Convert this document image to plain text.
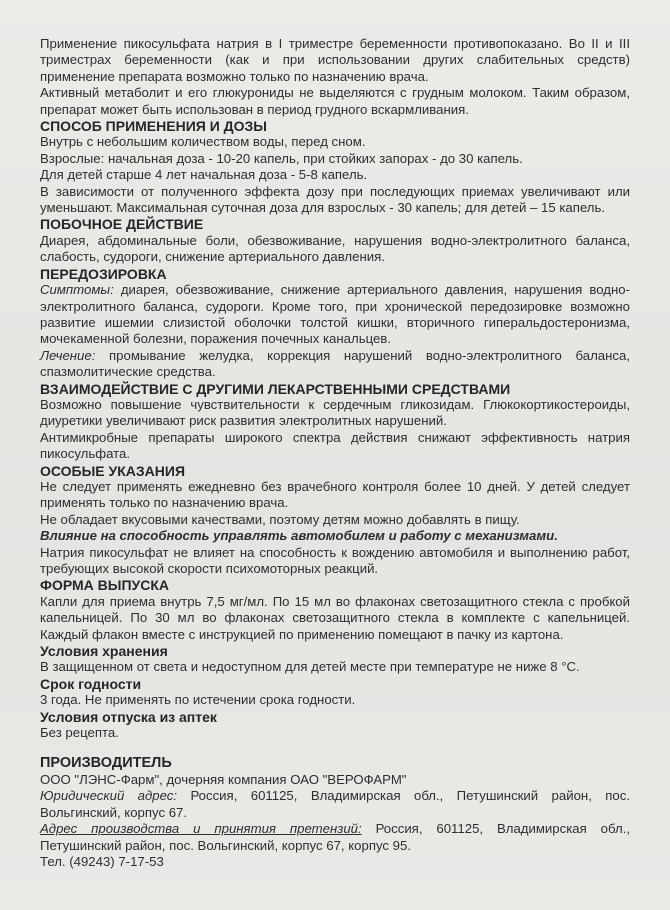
Применение пикосульфата натрия в I триместре беременности противопоказано. Во II и III триместрах беременности (как и при использовании других слабительных средств) применение препарата возможно только по назначению врача.

Активный метаболит и его глюкурониды не выделяются с грудным молоком. Таким образом, препарат может быть использован в период грудного вскармливания.

СПОСОБ ПРИМЕНЕНИЯ И ДОЗЫ

Внутрь с небольшим количеством воды, перед сном.

Взрослые: начальная доза - 10-20 капель, при стойких запорах - до 30 капель.

Для детей старше 4 лет начальная доза - 5-8 капель.

В зависимости от полученного эффекта дозу при последующих приемах увеличивают или уменьшают. Максимальная суточная доза для взрослых - 30 капель; для детей – 15 капель.

ПОБОЧНОЕ ДЕЙСТВИЕ

Диарея, абдоминальные боли, обезвоживание, нарушения водно-электролитного баланса, слабость, судороги, снижение артериального давления.

ПЕРЕДОЗИРОВКА

Симптомы: диарея, обезвоживание, снижение артериального давления, нарушения водно-электролитного баланса, судороги. Кроме того, при хронической передозировке возможно развитие ишемии слизистой оболочки толстой кишки, вторичного гиперальдостеронизма, мочекаменной болезни, поражения почечных канальцев.

Лечение: промывание желудка, коррекция нарушений водно-электролитного баланса, спазмолитические средства.

ВЗАИМОДЕЙСТВИЕ С ДРУГИМИ ЛЕКАРСТВЕННЫМИ СРЕДСТВАМИ

Возможно повышение чувствительности к сердечным гликозидам. Глюкокортикостероиды, диуретики увеличивают риск развития электролитных нарушений.

Антимикробные препараты широкого спектра действия снижают эффективность натрия пикосульфата.

ОСОБЫЕ УКАЗАНИЯ

Не следует применять ежедневно без врачебного контроля более 10 дней. У детей следует применять только по назначению врача.

Не обладает вкусовыми качествами, поэтому детям можно добавлять в пищу.

Влияние на способность управлять автомобилем и работу с механизмами.

Натрия пикосульфат не влияет на способность к вождению автомобиля и выполнению работ, требующих высокой скорости психомоторных реакций.

ФОРМА ВЫПУСКА

Капли для приема внутрь 7,5 мг/мл. По 15 мл во флаконах светозащитного стекла с пробкой капельницей. По 30 мл во флаконах светозащитного стекла в комплекте с капельницей. Каждый флакон вместе с инструкцией по применению помещают в пачку из картона.

Условия хранения

В защищенном от света и недоступном для детей месте при температуре не ниже 8 °С.

Срок годности

3 года. Не применять по истечении срока годности.

Условия отпуска из аптек

Без рецепта.

ПРОИЗВОДИТЕЛЬ

ООО "ЛЭНС-Фарм", дочерняя компания ОАО "ВЕРОФАРМ"

Юридический адрес: Россия, 601125, Владимирская обл., Петушинский район, пос. Вольгинский, корпус 67.

Адрес производства и принятия претензий: Россия, 601125, Владимирская обл., Петушинский район, пос. Вольгинский, корпус 67, корпус 95.

Тел. (49243) 7-17-53
